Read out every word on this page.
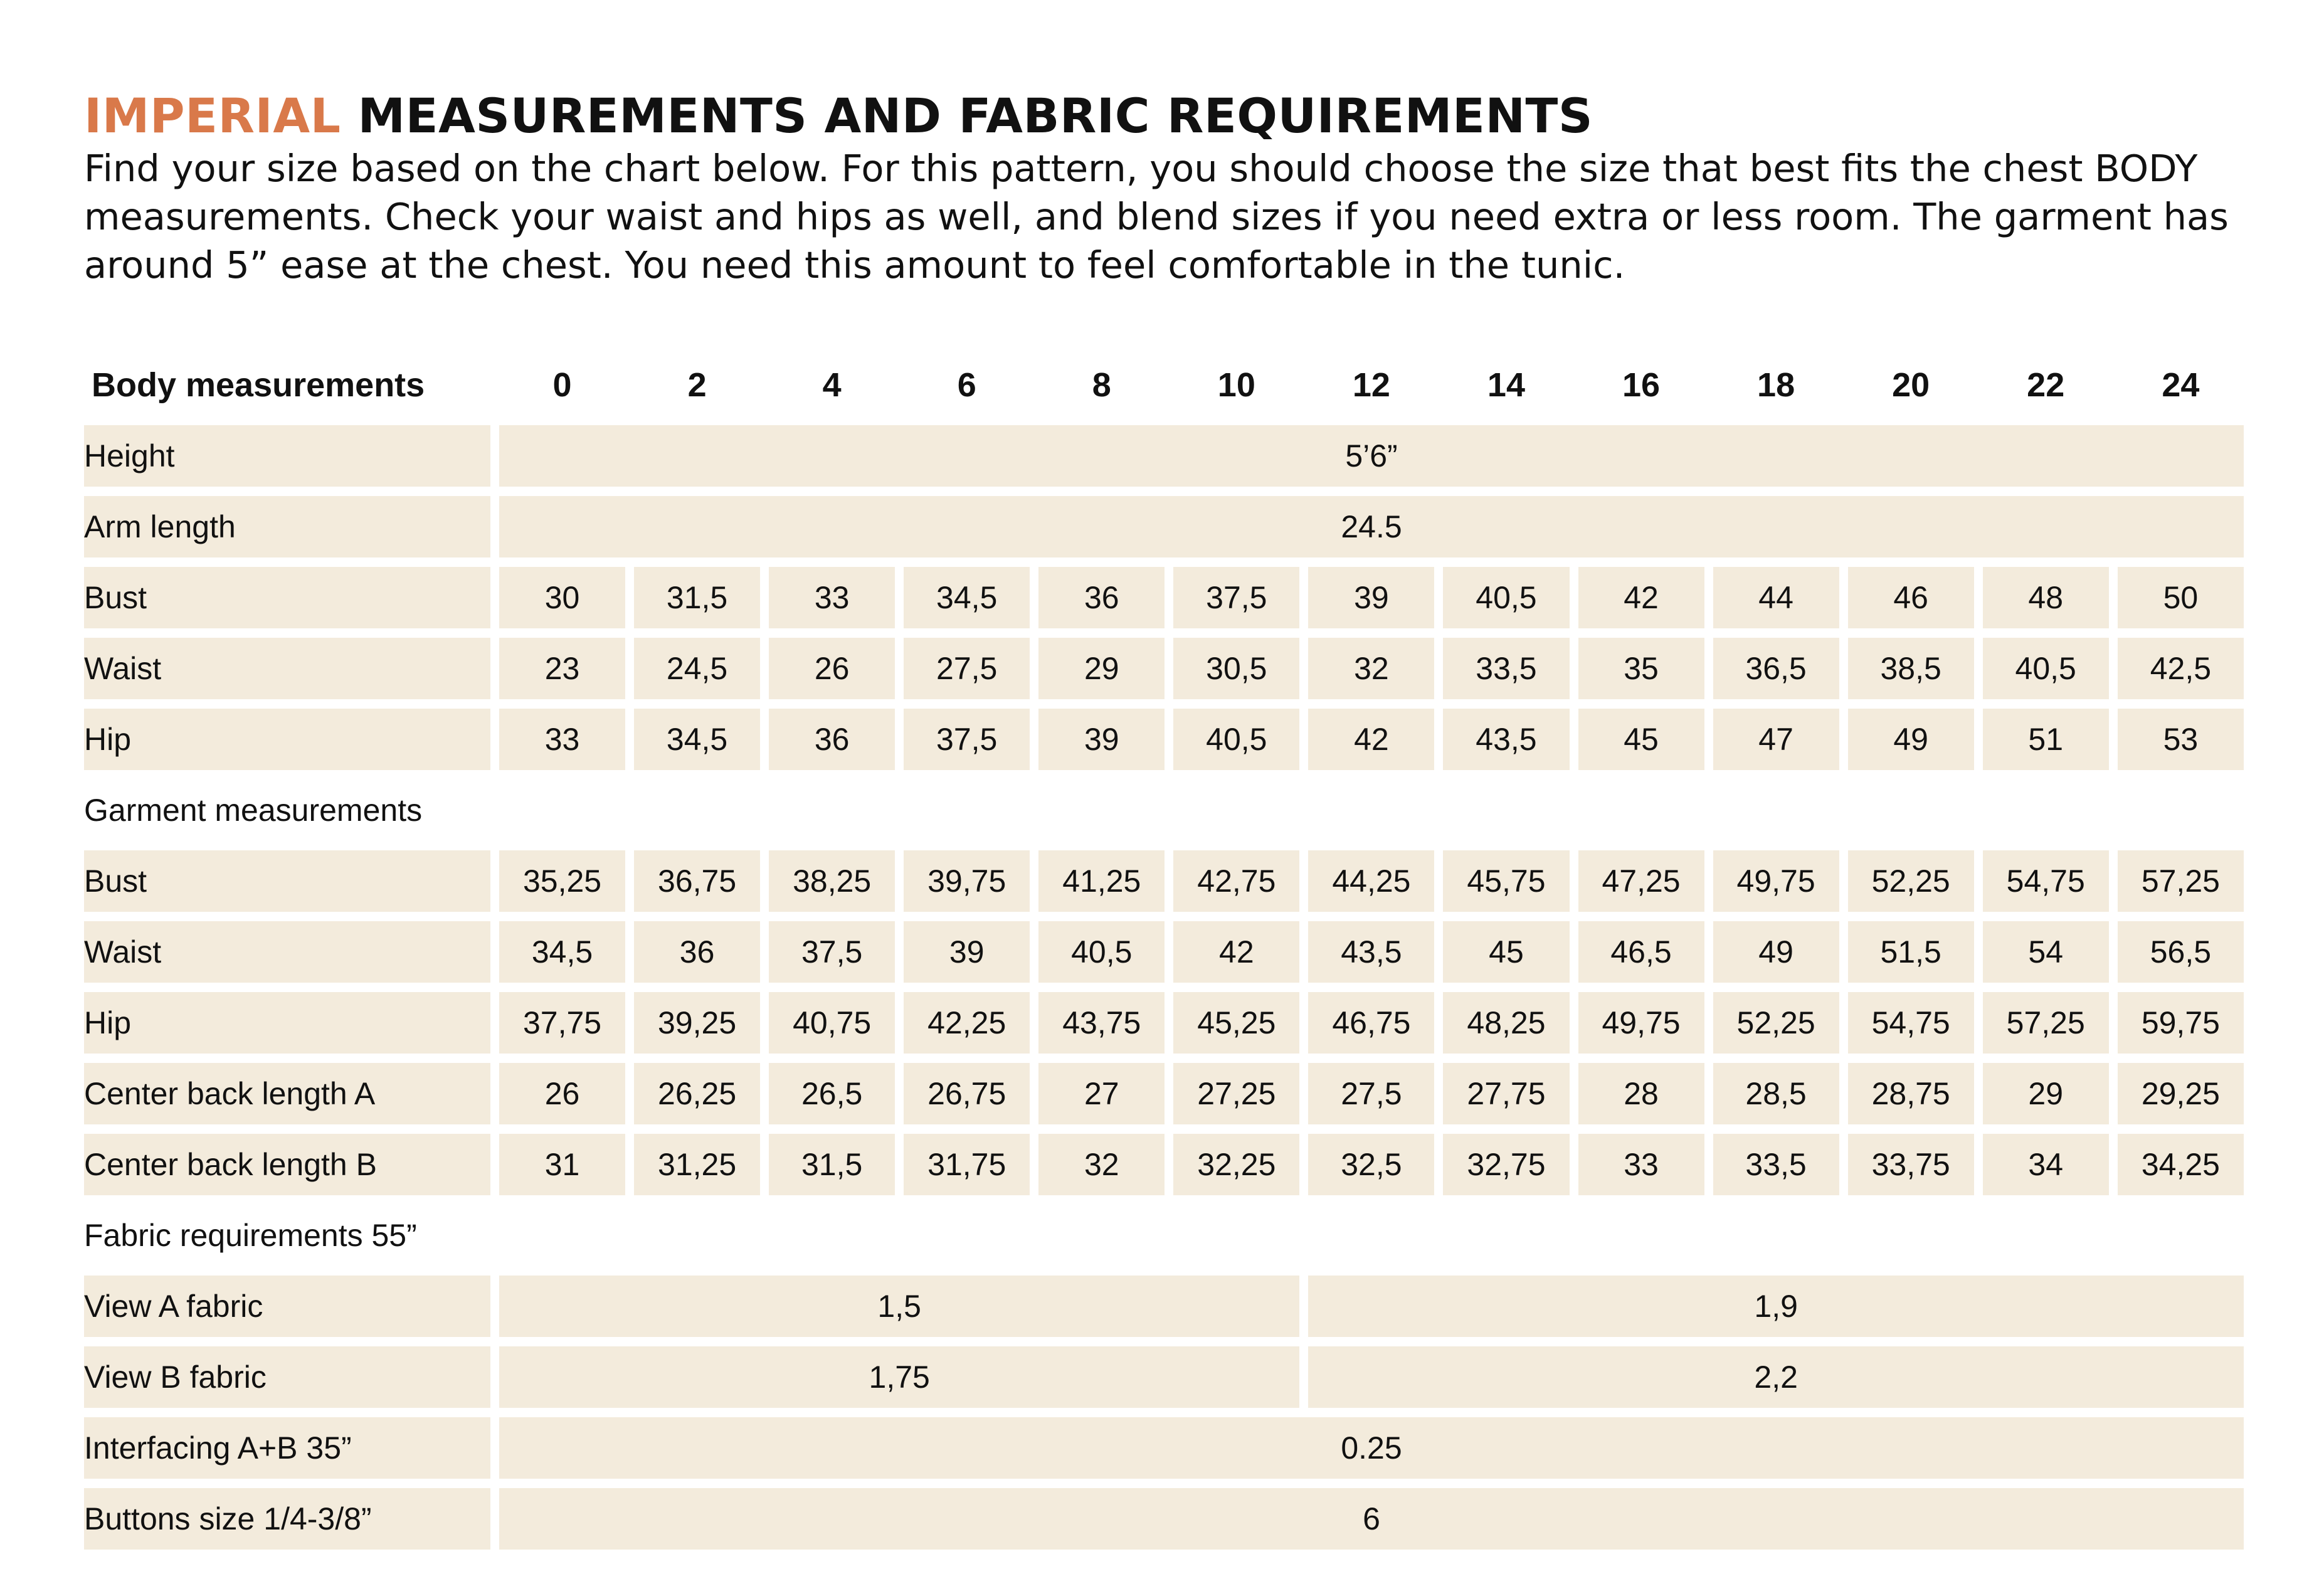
IMPERIAL MEASUREMENTS AND FABRIC REQUIREMENTS

Find your size based on the chart below. For this pattern, you should choose the size that best fits the chest BODY measurements. Check your waist and hips as well, and blend sizes if you need extra or less room. The garment has around 5” ease at the chest. You need this amount to feel comfortable in the tunic.

Body measurements	0	2	4	6	8	10	12	14	16	18	20	22	24
Height	5’6”												
Arm length	24.5												
Bust	30	31,5	33	34,5	36	37,5	39	40,5	42	44	46	48	50
Waist	23	24,5	26	27,5	29	30,5	32	33,5	35	36,5	38,5	40,5	42,5
Hip	33	34,5	36	37,5	39	40,5	42	43,5	45	47	49	51	53
Garment measurements													
Bust	35,25	36,75	38,25	39,75	41,25	42,75	44,25	45,75	47,25	49,75	52,25	54,75	57,25
Waist	34,5	36	37,5	39	40,5	42	43,5	45	46,5	49	51,5	54	56,5
Hip	37,75	39,25	40,75	42,25	43,75	45,25	46,75	48,25	49,75	52,25	54,75	57,25	59,75
Center back length A	26	26,25	26,5	26,75	27	27,25	27,5	27,75	28	28,5	28,75	29	29,25
Center back length B	31	31,25	31,5	31,75	32	32,25	32,5	32,75	33	33,5	33,75	34	34,25
Fabric requirements 55”													
View A fabric	1,5						1,9						
View B fabric	1,75						2,2						
Interfacing A+B 35”	0.25												
Buttons size 1/4-3/8”	6												
